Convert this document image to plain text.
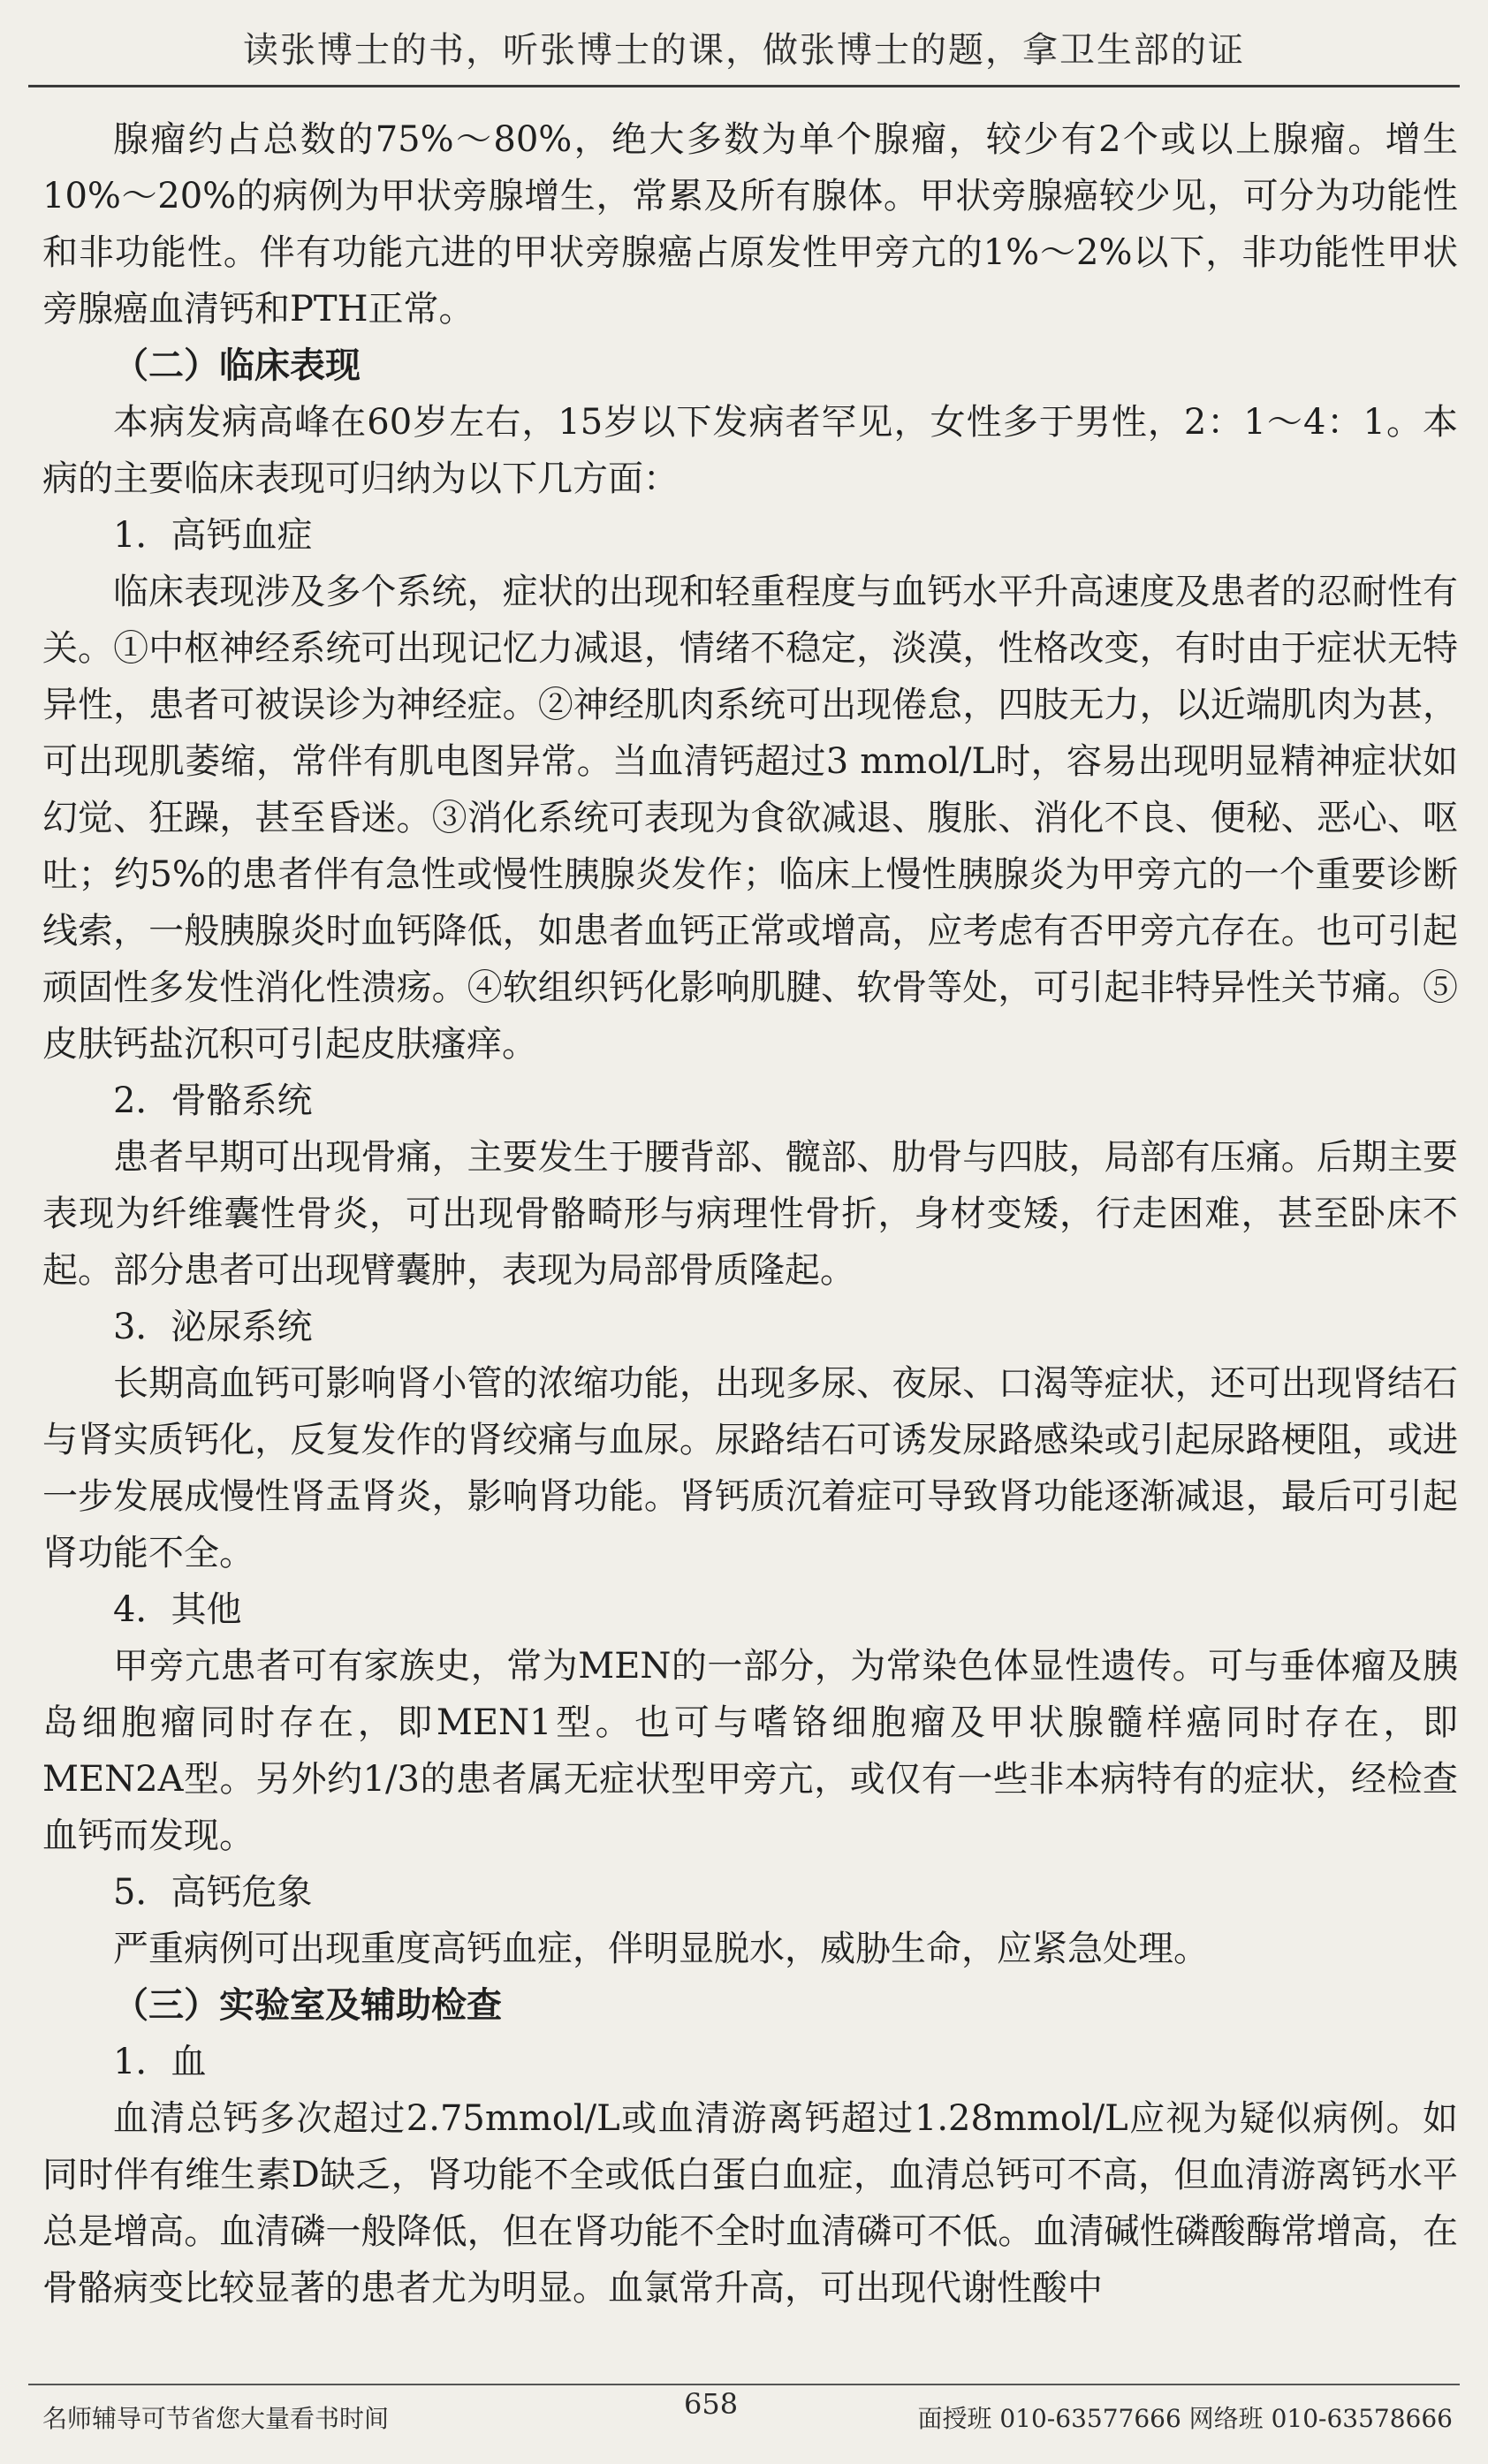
读张博士的书，听张博士的课，做张博士的题，拿卫生部的证

腺瘤约占总数的75%～80%，绝大多数为单个腺瘤，较少有2个或以上腺瘤。增生10%～20%的病例为甲状旁腺增生，常累及所有腺体。甲状旁腺癌较少见，可分为功能性和非功能性。伴有功能亢进的甲状旁腺癌占原发性甲旁亢的1%～2%以下，非功能性甲状旁腺癌血清钙和PTH正常。

（二）临床表现

本病发病高峰在60岁左右，15岁以下发病者罕见，女性多于男性，2：1～4：1。本病的主要临床表现可归纳为以下几方面：

1．高钙血症

临床表现涉及多个系统，症状的出现和轻重程度与血钙水平升高速度及患者的忍耐性有关。①中枢神经系统可出现记忆力减退，情绪不稳定，淡漠，性格改变，有时由于症状无特异性，患者可被误诊为神经症。②神经肌肉系统可出现倦怠，四肢无力，以近端肌肉为甚，可出现肌萎缩，常伴有肌电图异常。当血清钙超过3 mmol/L时，容易出现明显精神症状如幻觉、狂躁，甚至昏迷。③消化系统可表现为食欲减退、腹胀、消化不良、便秘、恶心、呕吐；约5%的患者伴有急性或慢性胰腺炎发作；临床上慢性胰腺炎为甲旁亢的一个重要诊断线索，一般胰腺炎时血钙降低，如患者血钙正常或增高，应考虑有否甲旁亢存在。也可引起顽固性多发性消化性溃疡。④软组织钙化影响肌腱、软骨等处，可引起非特异性关节痛。⑤皮肤钙盐沉积可引起皮肤瘙痒。

2．骨骼系统

患者早期可出现骨痛，主要发生于腰背部、髋部、肋骨与四肢，局部有压痛。后期主要表现为纤维囊性骨炎，可出现骨骼畸形与病理性骨折，身材变矮，行走困难，甚至卧床不起。部分患者可出现臂囊肿，表现为局部骨质隆起。

3．泌尿系统

长期高血钙可影响肾小管的浓缩功能，出现多尿、夜尿、口渴等症状，还可出现肾结石与肾实质钙化，反复发作的肾绞痛与血尿。尿路结石可诱发尿路感染或引起尿路梗阻，或进一步发展成慢性肾盂肾炎，影响肾功能。肾钙质沉着症可导致肾功能逐渐减退，最后可引起肾功能不全。

4．其他

甲旁亢患者可有家族史，常为MEN的一部分，为常染色体显性遗传。可与垂体瘤及胰岛细胞瘤同时存在，即MEN1型。也可与嗜铬细胞瘤及甲状腺髓样癌同时存在，即MEN2A型。另外约1/3的患者属无症状型甲旁亢，或仅有一些非本病特有的症状，经检查血钙而发现。

5．高钙危象

严重病例可出现重度高钙血症，伴明显脱水，威胁生命，应紧急处理。

（三）实验室及辅助检查

1．血

血清总钙多次超过2.75mmol/L或血清游离钙超过1.28mmol/L应视为疑似病例。如同时伴有维生素D缺乏，肾功能不全或低白蛋白血症，血清总钙可不高，但血清游离钙水平总是增高。血清磷一般降低，但在肾功能不全时血清磷可不低。血清碱性磷酸酶常增高，在骨骼病变比较显著的患者尤为明显。血氯常升高，可出现代谢性酸中

名师辅导可节省您大量看书时间	658	面授班 010-63577666 网络班 010-63578666
